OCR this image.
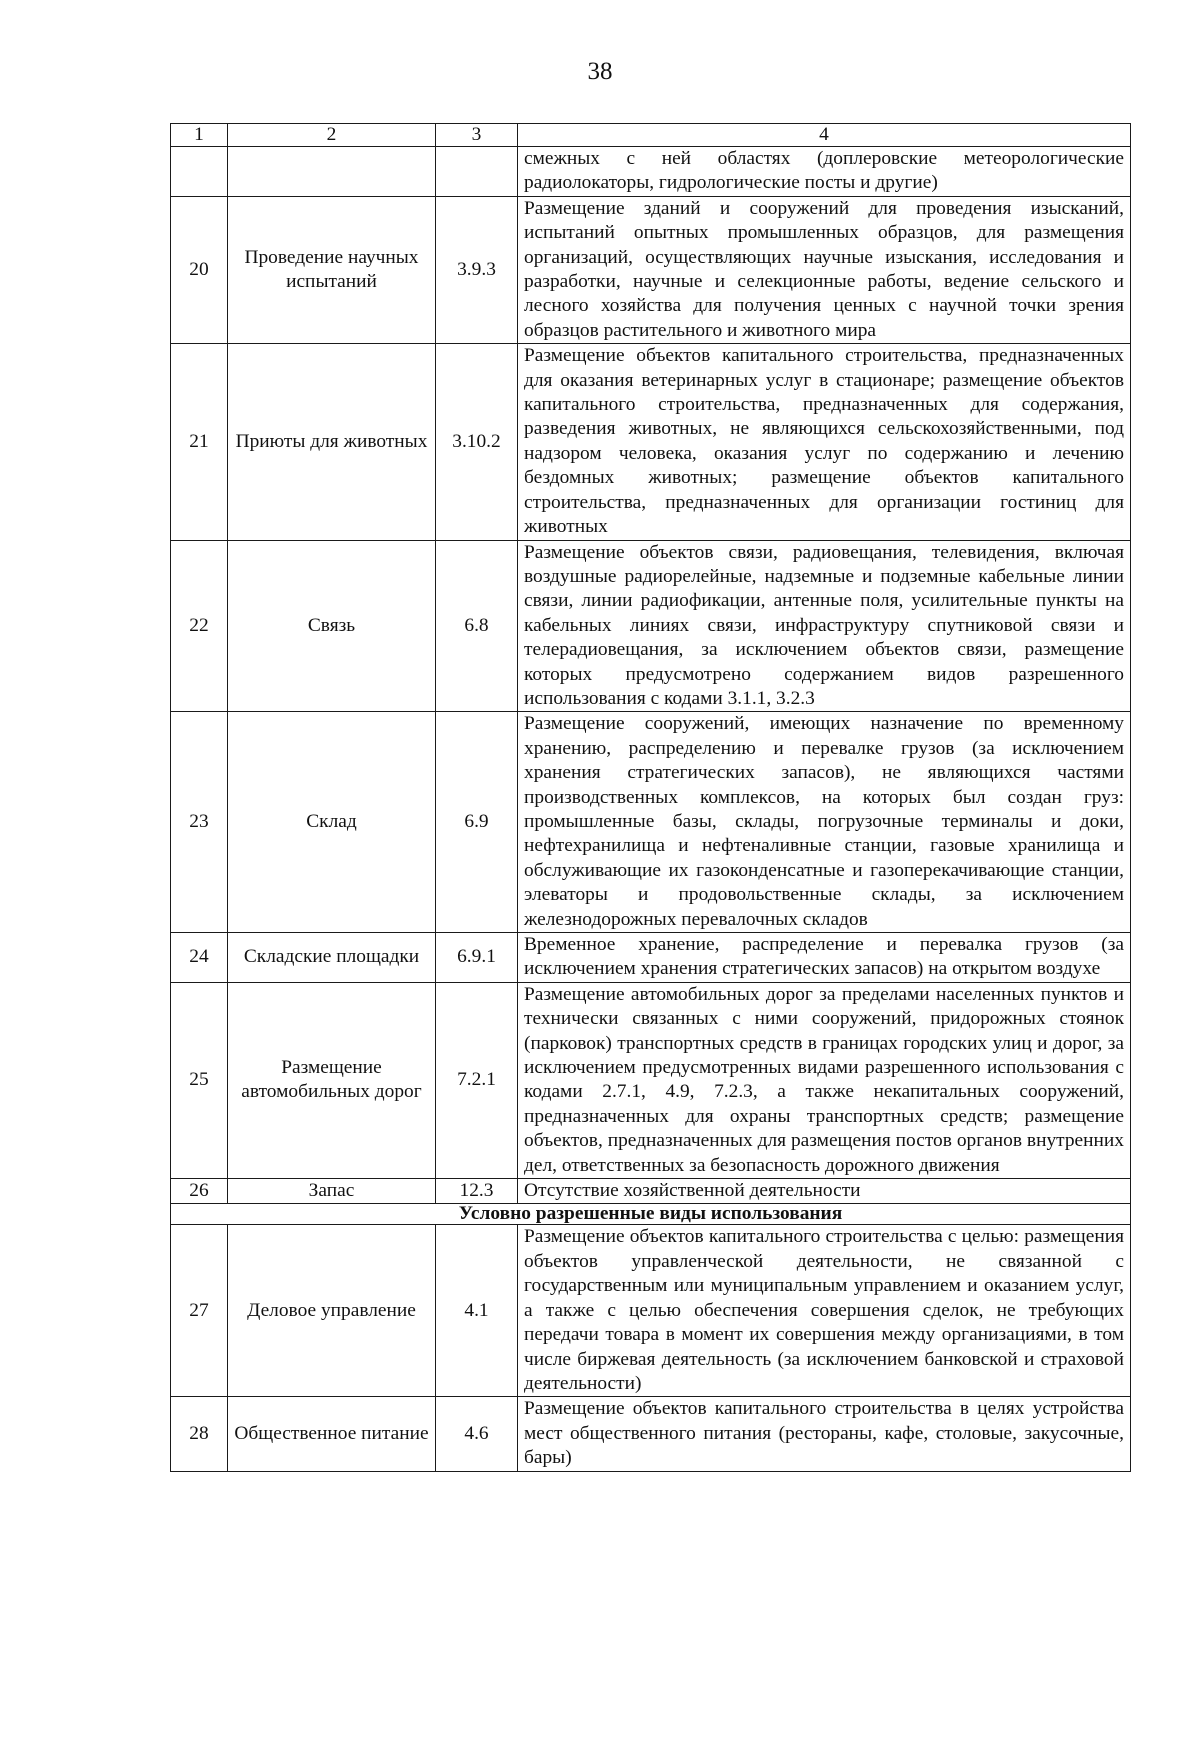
38
1	2	3	4
			смежных с ней областях (доплеровские метеорологические радиолокаторы, гидрологические посты и другие)
20	Проведение научных испытаний	3.9.3	Размещение зданий и сооружений для проведения изысканий, испытаний опытных промышленных образцов, для размещения организаций, осуществляющих научные изыскания, исследования и разработки, научные и селекционные работы, ведение сельского и лесного хозяйства для получения ценных с научной точки зрения образцов растительного и животного мира
21	Приюты для животных	3.10.2	Размещение объектов капитального строительства, предназначенных для оказания ветеринарных услуг в стационаре; размещение объектов капитального строительства, предназначенных для содержания, разведения животных, не являющихся сельскохозяйственными, под надзором человека, оказания услуг по содержанию и лечению бездомных животных; размещение объектов капитального строительства, предназначенных для организации гостиниц для животных
22	Связь	6.8	Размещение объектов связи, радиовещания, телевидения, включая воздушные радиорелейные, надземные и подземные кабельные линии связи, линии радиофикации, антенные поля, усилительные пункты на кабельных линиях связи, инфраструктуру спутниковой связи и телерадиовещания, за исключением объектов связи, размещение которых предусмотрено содержанием видов разрешенного использования с кодами 3.1.1, 3.2.3
23	Склад	6.9	Размещение сооружений, имеющих назначение по временному хранению, распределению и перевалке грузов (за исключением хранения стратегических запасов), не являющихся частями производственных комплексов, на которых был создан груз: промышленные базы, склады, погрузочные терминалы и доки, нефтехранилища и нефтеналивные станции, газовые хранилища и обслуживающие их газоконденсатные и газоперекачивающие станции, элеваторы и продовольственные склады, за исключением железнодорожных перевалочных складов
24	Складские площадки	6.9.1	Временное хранение, распределение и перевалка грузов (за исключением хранения стратегических запасов) на открытом воздухе
25	Размещение автомобильных дорог	7.2.1	Размещение автомобильных дорог за пределами населенных пунктов и технически связанных с ними сооружений, придорожных стоянок (парковок) транспортных средств в границах городских улиц и дорог, за исключением предусмотренных видами разрешенного использования с кодами 2.7.1, 4.9, 7.2.3, а также некапитальных сооружений, предназначенных для охраны транспортных средств; размещение объектов, предназначенных для размещения постов органов внутренних дел, ответственных за безопасность дорожного движения
26	Запас	12.3	Отсутствие хозяйственной деятельности
Условно разрешенные виды использования			
27	Деловое управление	4.1	Размещение объектов капитального строительства с целью: размещения объектов управленческой деятельности, не связанной с государственным или муниципальным управлением и оказанием услуг, а также с целью обеспечения совершения сделок, не требующих передачи товара в момент их совершения между организациями, в том числе биржевая деятельность (за исключением банковской и страховой деятельности)
28	Общественное питание	4.6	Размещение объектов капитального строительства в целях устройства мест общественного питания (рестораны, кафе, столовые, закусочные, бары)
